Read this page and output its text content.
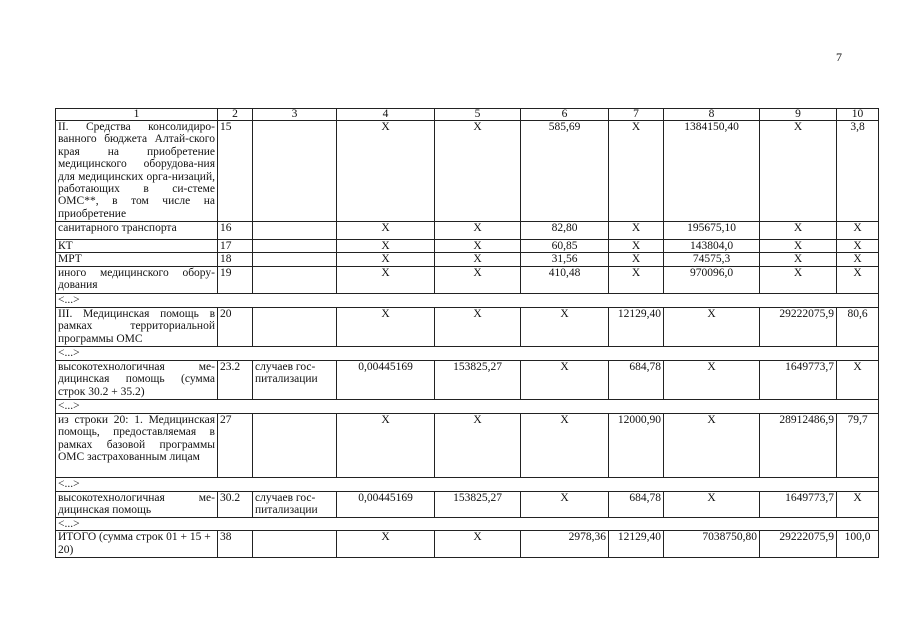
7
1	2	3	4	5	6	7	8	9	10
II. Средства консолидиро-ванного бюджета Алтай-ского края на приобретение медицинского оборудова-ния для медицинских орга-низаций, работающих в си-стеме ОМС**, в том числе на приобретение	15		X	X	585,69	X	1384150,40	X	3,8
санитарного транспорта	16		X	X	82,80	X	195675,10	X	X
КТ	17		X	X	60,85	X	143804,0	X	X
МРТ	18		X	X	31,56	X	74575,3	X	X
иного медицинского обору-дования	19		X	X	410,48	X	970096,0	X	X
<...>									
III. Медицинская помощь в рамках территориальной программы ОМС	20		X	X	X	12129,40	X	29222075,9	80,6
<...>									
высокотехнологичная ме-дицинская помощь (сумма строк 30.2 + 35.2)	23.2	случаев гос-питализации	0,00445169	153825,27	X	684,78	X	1649773,7	X
<...>									
из строки 20: 1. Медицинская помощь, предоставляемая в рамках базовой программы ОМС застрахованным лицам	27		X	X	X	12000,90	X	28912486,9	79,7
<...>									
высокотехнологичная ме-дицинская помощь	30.2	случаев гос-питализации	0,00445169	153825,27	X	684,78	X	1649773,7	X
<...>									
ИТОГО (сумма строк 01 + 15 + 20)	38		X	X	2978,36	12129,40	7038750,80	29222075,9	100,0
